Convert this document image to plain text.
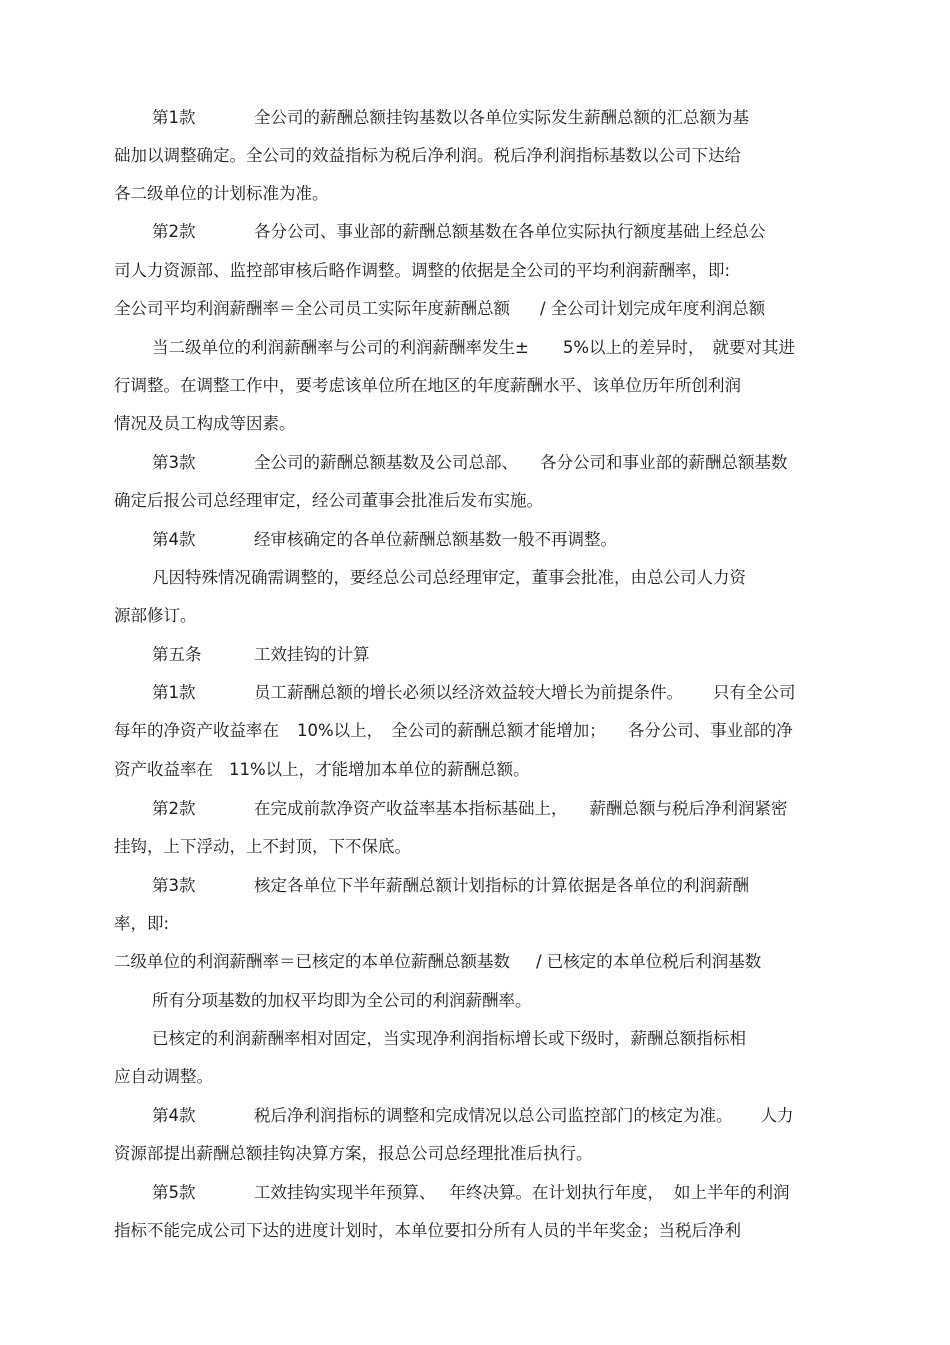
第1款	全公司的薪酬总额挂钩基数以各单位实际发生薪酬总额的汇总额为基
础加以调整确定。全公司的效益指标为税后净利润。税后净利润指标基数以公司下达给
各二级单位的计划标准为准。
第2款	各分公司、事业部的薪酬总额基数在各单位实际执行额度基础上经总公
司人力资源部、监控部审核后略作调整。调整的依据是全公司的平均利润薪酬率，即:
全公司平均利润薪酬率＝全公司员工实际年度薪酬总额 / 全公司计划完成年度利润总额
当二级单位的利润薪酬率与公司的利润薪酬率发生± 5%以上的差异时， 就要对其进
行调整。在调整工作中，要考虑该单位所在地区的年度薪酬水平、该单位历年所创利润
情况及员工构成等因素。
第3款	全公司的薪酬总额基数及公司总部、 各分公司和事业部的薪酬总额基数
确定后报公司总经理审定，经公司董事会批准后发布实施。
第4款	经审核确定的各单位薪酬总额基数一般不再调整。
凡因特殊情况确需调整的，要经总公司总经理审定，董事会批准，由总公司人力资
源部修订。
第五条	工效挂钩的计算
第1款	员工薪酬总额的增长必须以经济效益较大增长为前提条件。 只有全公司
每年的净资产收益率在 10%以上， 全公司的薪酬总额才能增加； 各分公司、事业部的净
资产收益率在 11%以上，才能增加本单位的薪酬总额。
第2款	在完成前款净资产收益率基本指标基础上， 薪酬总额与税后净利润紧密
挂钩，上下浮动，上不封顶，下不保底。
第3款	核定各单位下半年薪酬总额计划指标的计算依据是各单位的利润薪酬
率，即:
二级单位的利润薪酬率＝已核定的本单位薪酬总额基数 / 已核定的本单位税后利润基数
所有分项基数的加权平均即为全公司的利润薪酬率。
已核定的利润薪酬率相对固定，当实现净利润指标增长或下级时，薪酬总额指标相
应自动调整。
第4款	税后净利润指标的调整和完成情况以总公司监控部门的核定为准。 人力
资源部提出薪酬总额挂钩决算方案，报总公司总经理批准后执行。
第5款	工效挂钩实现半年预算、 年终决算。在计划执行年度， 如上半年的利润
指标不能完成公司下达的进度计划时，本单位要扣分所有人员的半年奖金；当税后净利
